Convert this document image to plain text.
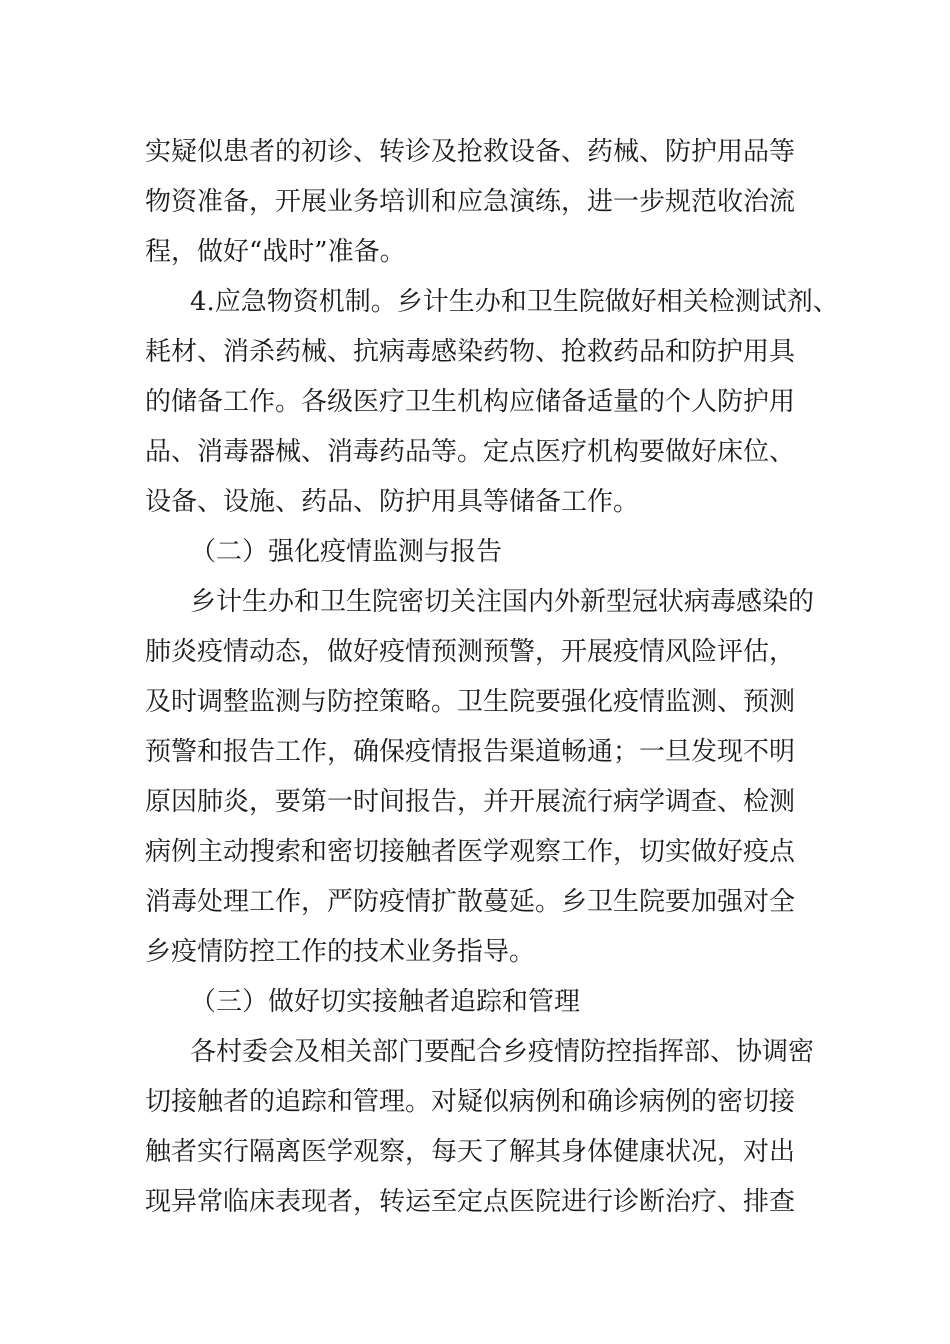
实疑似患者的初诊、转诊及抢救设备、药械、防护用品等
物资准备，开展业务培训和应急演练，进一步规范收治流
程，做好“战时”准备。
4.应急物资机制。乡计生办和卫生院做好相关检测试剂、
耗材、消杀药械、抗病毒感染药物、抢救药品和防护用具
的储备工作。各级医疗卫生机构应储备适量的个人防护用
品、消毒器械、消毒药品等。定点医疗机构要做好床位、
设备、设施、药品、防护用具等储备工作。
（二）强化疫情监测与报告
乡计生办和卫生院密切关注国内外新型冠状病毒感染的
肺炎疫情动态，做好疫情预测预警，开展疫情风险评估，
及时调整监测与防控策略。卫生院要强化疫情监测、预测
预警和报告工作，确保疫情报告渠道畅通；一旦发现不明
原因肺炎，要第一时间报告，并开展流行病学调查、检测
病例主动搜索和密切接触者医学观察工作，切实做好疫点
消毒处理工作，严防疫情扩散蔓延。乡卫生院要加强对全
乡疫情防控工作的技术业务指导。
（三）做好切实接触者追踪和管理
各村委会及相关部门要配合乡疫情防控指挥部、协调密
切接触者的追踪和管理。对疑似病例和确诊病例的密切接
触者实行隔离医学观察，每天了解其身体健康状况，对出
现异常临床表现者，转运至定点医院进行诊断治疗、排查
